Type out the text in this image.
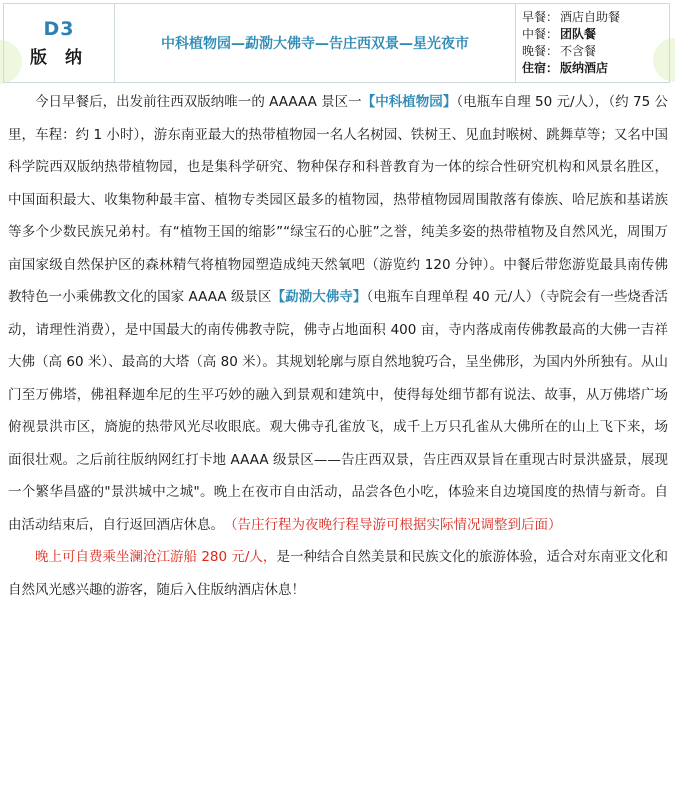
D3
版 纳
	中科植物园—勐泐大佛寺—告庄西双景—星光夜市	
早餐： 酒店自助餐
中餐： 团队餐
晚餐： 不含餐
住宿： 版纳酒店

今日早餐后，出发前往西双版纳唯一的 AAAAA 景区一【中科植物园】（电瓶车自理 50 元/人），（约 75 公里，车程：约 1 小时），游东南亚最大的热带植物园一名人名树园、铁树王、见血封喉树、跳舞草等；又名中国科学院西双版纳热带植物园，也是集科学研究、物种保存和科普教育为一体的综合性研究机构和风景名胜区，中国面积最大、收集物种最丰富、植物专类园区最多的植物园，热带植物园周围散落有傣族、哈尼族和基诺族等多个少数民族兄弟村。有“植物王国的缩影”“绿宝石的心脏”之誉，纯美多姿的热带植物及自然风光，周围万亩国家级自然保护区的森林精气将植物园塑造成纯天然氧吧（游览约 120 分钟）。中餐后带您游览最具南传佛教特色一小乘佛教文化的国家 AAAA 级景区【勐泐大佛寺】（电瓶车自理单程 40 元/人）（寺院会有一些烧香活动，请理性消费），是中国最大的南传佛教寺院，佛寺占地面积 400 亩，寺内落成南传佛教最高的大佛一吉祥大佛（高 60 米）、最高的大塔（高 80 米）。其规划轮廓与原自然地貌巧合，呈坐佛形，为国内外所独有。从山门至万佛塔，佛祖释迦牟尼的生平巧妙的融入到景观和建筑中，使得每处细节都有说法、故事，从万佛塔广场俯视景洪市区，旖旎的热带风光尽收眼底。观大佛寺孔雀放飞，成千上万只孔雀从大佛所在的山上飞下来，场面很壮观。之后前往版纳网红打卡地 AAAA 级景区——告庄西双景，告庄西双景旨在重现古时景洪盛景，展现一个繁华昌盛的"景洪城中之城"。晚上在夜市自由活动，品尝各色小吃，体验来自边境国度的热情与新奇。自由活动结束后，自行返回酒店休息。　 （告庄行程为夜晚行程导游可根据实际情况调整到后面）

晚上可自费乘坐澜沧江游船 280 元/人，是一种结合自然美景和民族文化的旅游体验，适合对东南亚文化和自然风光感兴趣的游客，随后入住版纳酒店休息！
